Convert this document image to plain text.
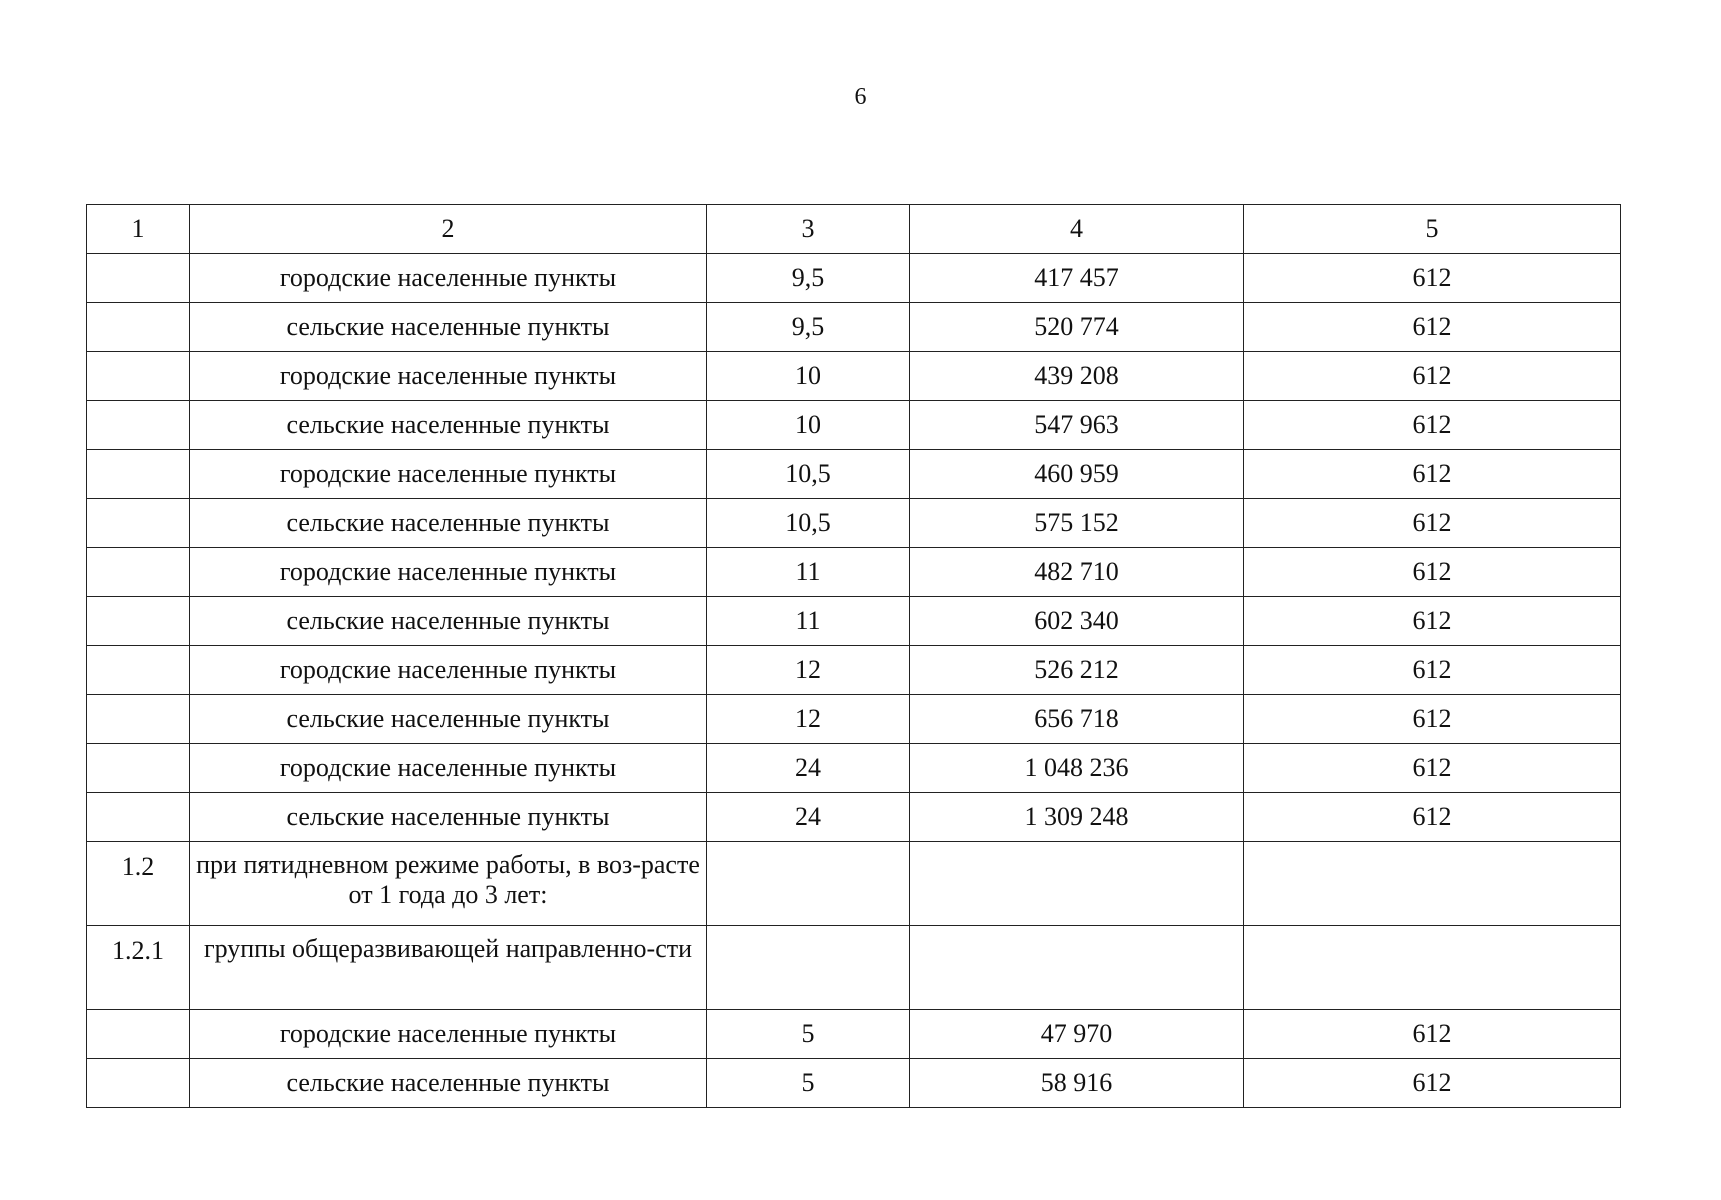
6
1	2	3	4	5
	городские населенные пункты	9,5	417 457	612
	сельские населенные пункты	9,5	520 774	612
	городские населенные пункты	10	439 208	612
	сельские населенные пункты	10	547 963	612
	городские населенные пункты	10,5	460 959	612
	сельские населенные пункты	10,5	575 152	612
	городские населенные пункты	11	482 710	612
	сельские населенные пункты	11	602 340	612
	городские населенные пункты	12	526 212	612
	сельские населенные пункты	12	656 718	612
	городские населенные пункты	24	1 048 236	612
	сельские населенные пункты	24	1 309 248	612
1.2	при пятидневном режиме работы, в воз-раcте от 1 года до 3 лет:			
1.2.1	группы общеразвивающей направленно-сти			
	городские населенные пункты	5	47 970	612
	сельские населенные пункты	5	58 916	612
